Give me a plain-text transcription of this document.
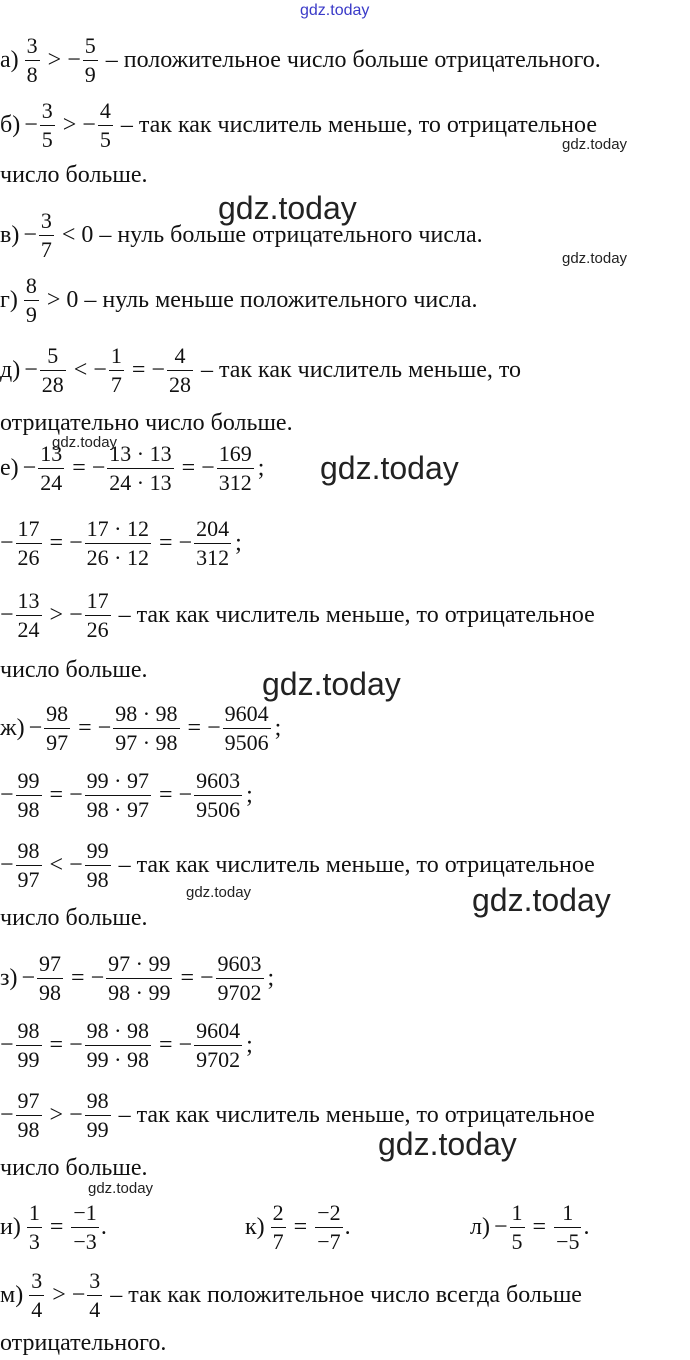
gdz.today
gdz.today
gdz.today
gdz.today
gdz.today
gdz.today
gdz.today
gdz.today	gdz.today
gdz.today
gdz.today
$а) \frac{3}{8}$ > − $\frac{5}{9}$ – положительное число больше отрицательного.
$б) - \frac{3}{5}$ > − $\frac{4}{5}$ – так как числитель меньше, то отрицательное
число больше.
$в) - \frac{3}{7} < 0$ – нуль больше отрицательного числа.
$г) \frac{8}{9} > 0$ – нуль меньше положительного числа.
$д) - \frac{5}{28}$ < − $\frac{1}{7}$ = − $\frac{4}{28}$ – так как числитель меньше, то
отрицательно число больше.
$е) - \frac{13}{24}$ = − $\frac{13 \cdot 13}{24 \cdot 13}$ = − $\frac{169}{312}$ ;
− $\frac{17}{26}$ = − $\frac{17 \cdot 12}{26 \cdot 12}$ = − $\frac{204}{312}$ ;
− $\frac{13}{24}$ > − $\frac{17}{26}$ – так как числитель меньше, то отрицательное
число больше.
$ж) - \frac{98}{97}$ = − $\frac{98 \cdot 98}{97 \cdot 98}$ = − $\frac{9604}{9506}$ ;
− $\frac{99}{98}$ = − $\frac{99 \cdot 97}{98 \cdot 97}$ = − $\frac{9603}{9506}$ ;
− $\frac{98}{97}$ < − $\frac{99}{98}$ – так как числитель меньше, то отрицательное
число больше.
$з) - \frac{97}{98}$ = − $\frac{97 \cdot 99}{98 \cdot 99}$ = − $\frac{9603}{9702}$ ;
− $\frac{98}{99}$ = − $\frac{98 \cdot 98}{99 \cdot 98}$ = − $\frac{9604}{9702}$ ;
− $\frac{97}{98}$ > − $\frac{98}{99}$ – так как числитель меньше, то отрицательное
число больше.
$и) \frac{1}{3} = \frac{-1}{-3}$ .	$к) \frac{2}{7} = \frac{-2}{-7}$ .	$л) - \frac{1}{5} = \frac{1}{-5}$ .
$м) \frac{3}{4}$ > − $\frac{3}{4}$ – так как положительное число всегда больше
отрицательного.
